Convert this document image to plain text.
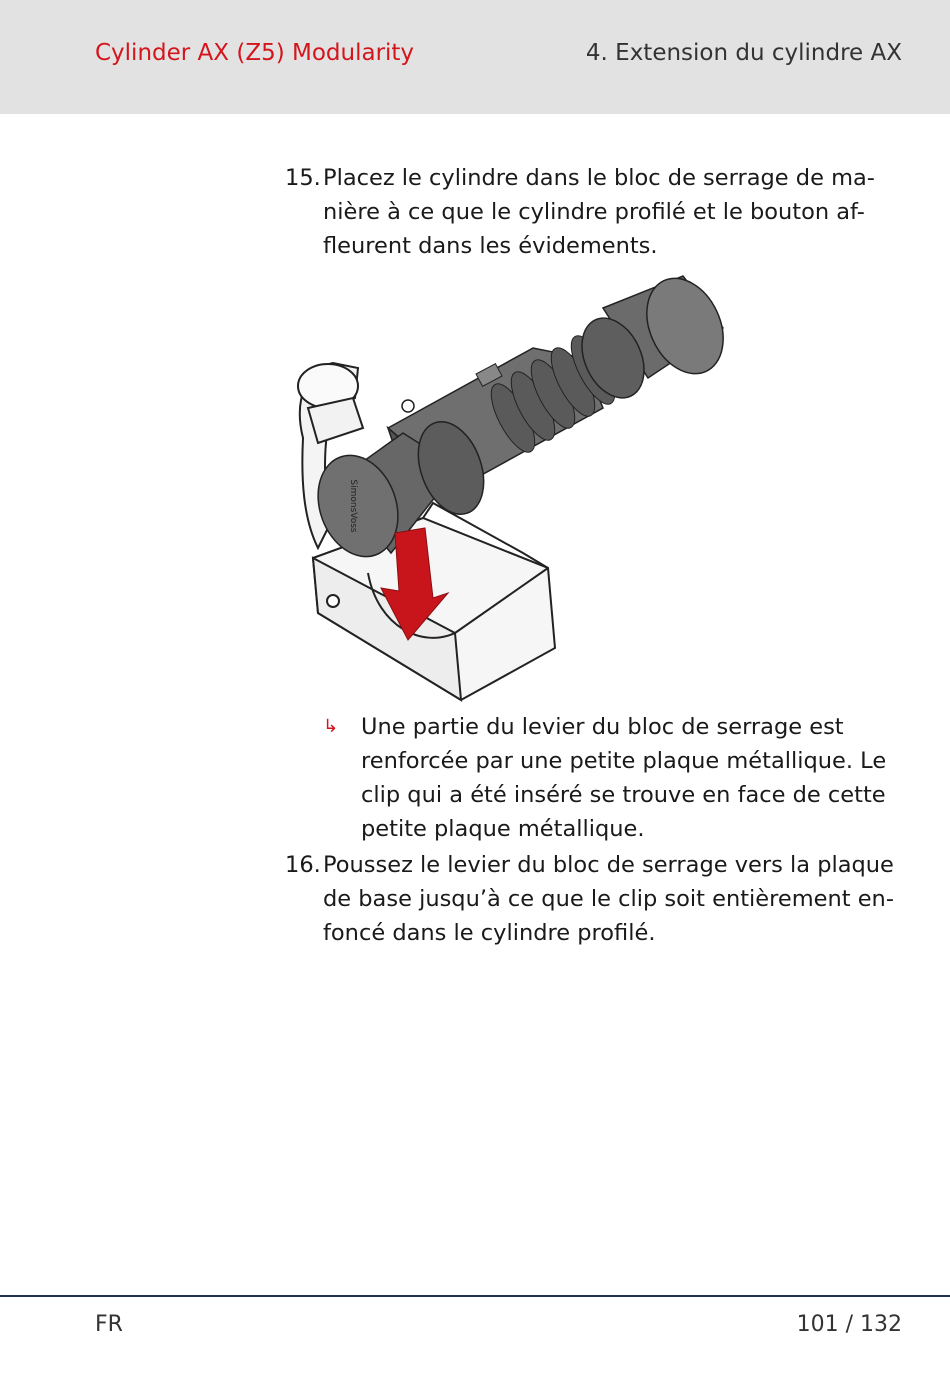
Cylinder AX (Z5) Modularity	4. Extension du cylindre AX
15. Placez le cylindre dans le bloc de serrage de ma-
nière à ce que le cylindre profilé et le bouton af-
fleurent dans les évidements.
SimonsVoss
↳ Une partie du levier du bloc de serrage est
renforcée par une petite plaque métallique. Le
clip qui a été inséré se trouve en face de cette
petite plaque métallique.
16. Poussez le levier du bloc de serrage vers la plaque
de base jusqu’à ce que le clip soit entièrement en-
foncé dans le cylindre profilé.
FR	101 / 132
